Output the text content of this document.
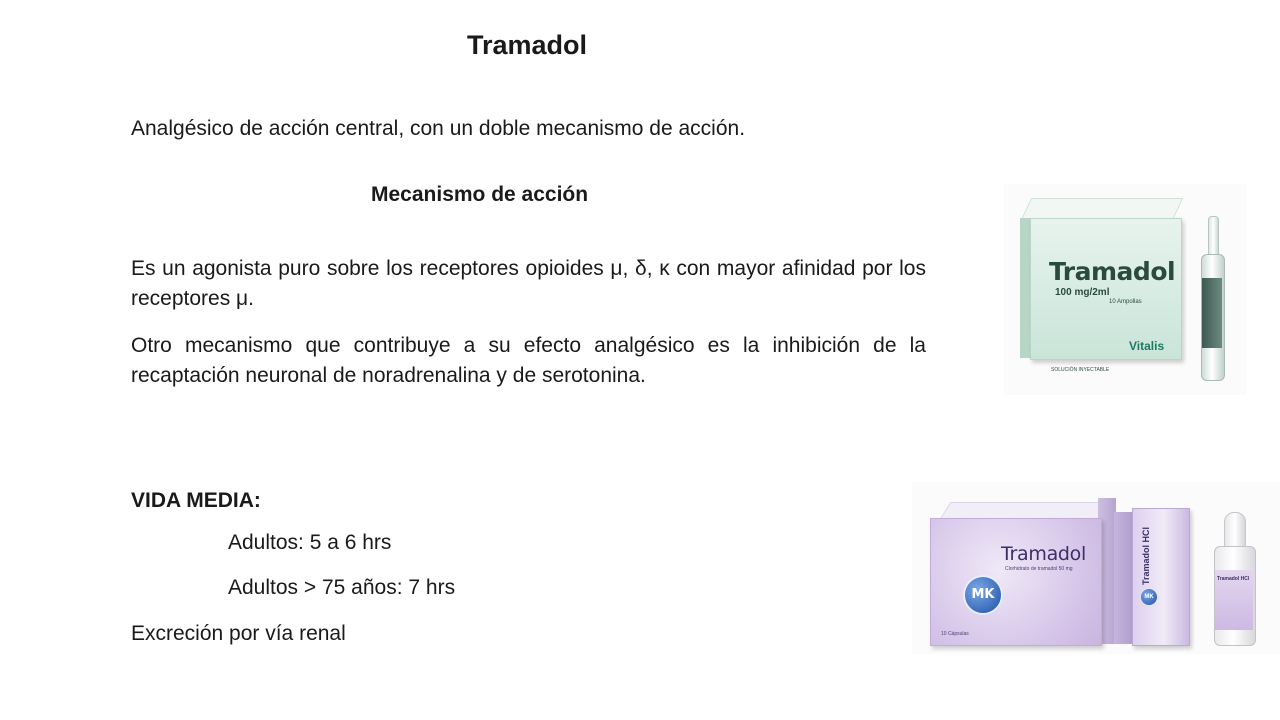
Tramadol

Analgésico de acción central, con un doble mecanismo de acción.

Mecanismo de acción

Es un agonista puro sobre los receptores opioides μ, δ, κ con mayor afinidad por los receptores μ.

Otro mecanismo que contribuye a su efecto analgésico es la inhibición de la recaptación neuronal de noradrenalina y de serotonina.

VIDA MEDIA:

Adultos: 5 a 6 hrs

Adultos > 75 años: 7 hrs

Excreción por vía renal

Tramadol
100 mg/2ml
10 Ampollas
Vitalis
SOLUCIÓN INYECTABLE
Tramadol
Clorhidrato de tramadol 50 mg
MK
10 Cápsulas
Tramadol HCl
MK
Tramadol HCl
